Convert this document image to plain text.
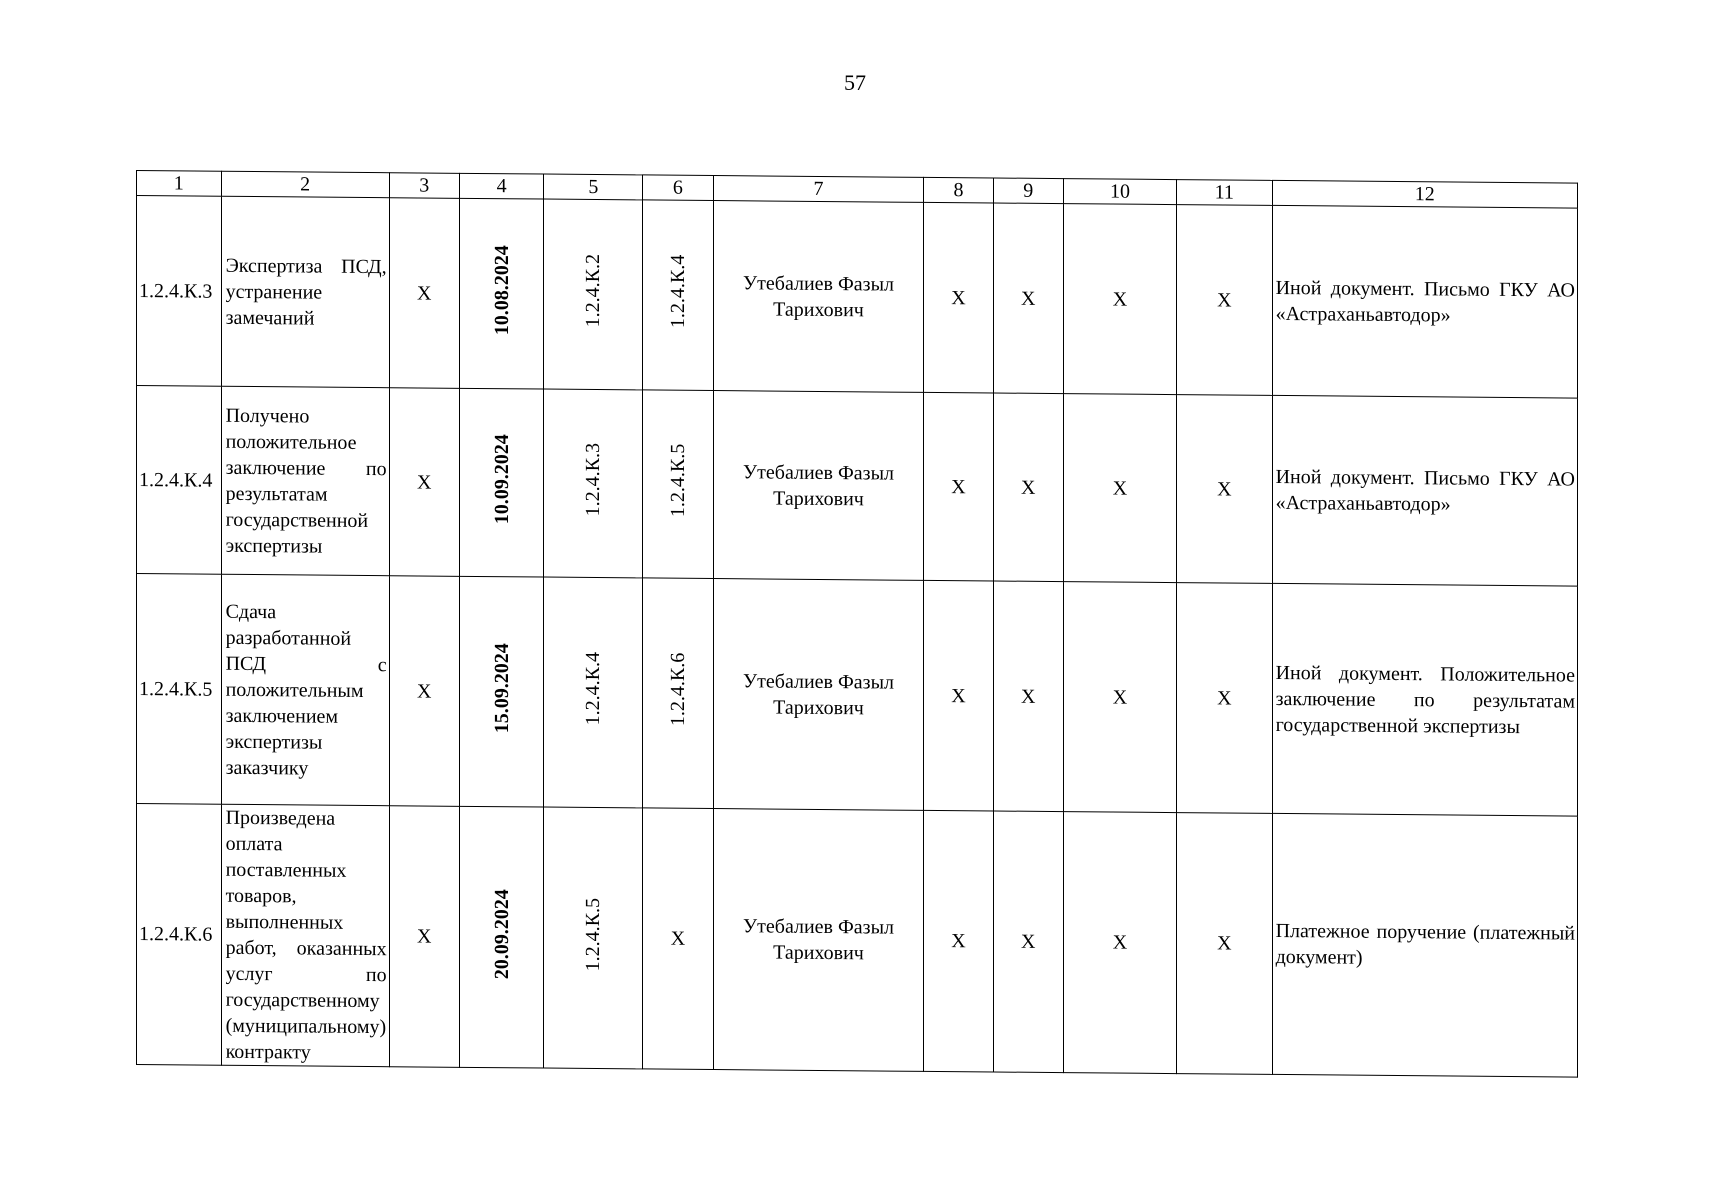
57
1	2	3	4	5	6	7	8	9	10	11	12
1.2.4.К.3	Экспертиза ПСД, устранение замечаний	X	10.08.2024	1.2.4.К.2	1.2.4.К.4	Утебалиев Фазыл Тарихович	X	X	X	X	Иной документ. Письмо ГКУ АО «Астраханьавтодор»
1.2.4.К.4	Получено положительное заключение по результатам государственной экспертизы	X	10.09.2024	1.2.4.К.3	1.2.4.К.5	Утебалиев Фазыл Тарихович	X	X	X	X	Иной документ. Письмо ГКУ АО «Астраханьавтодор»
1.2.4.К.5	Сдача разработанной ПСД с положительным заключением экспертизы заказчику	X	15.09.2024	1.2.4.К.4	1.2.4.К.6	Утебалиев Фазыл Тарихович	X	X	X	X	Иной документ. Положительное заключение по результатам государственной экспертизы
1.2.4.К.6	Произведена оплата поставленных товаров, выполненных работ, оказанных услуг по государственному (муниципальному) контракту	X	20.09.2024	1.2.4.К.5	X	Утебалиев Фазыл Тарихович	X	X	X	X	Платежное поручение (платежный документ)
